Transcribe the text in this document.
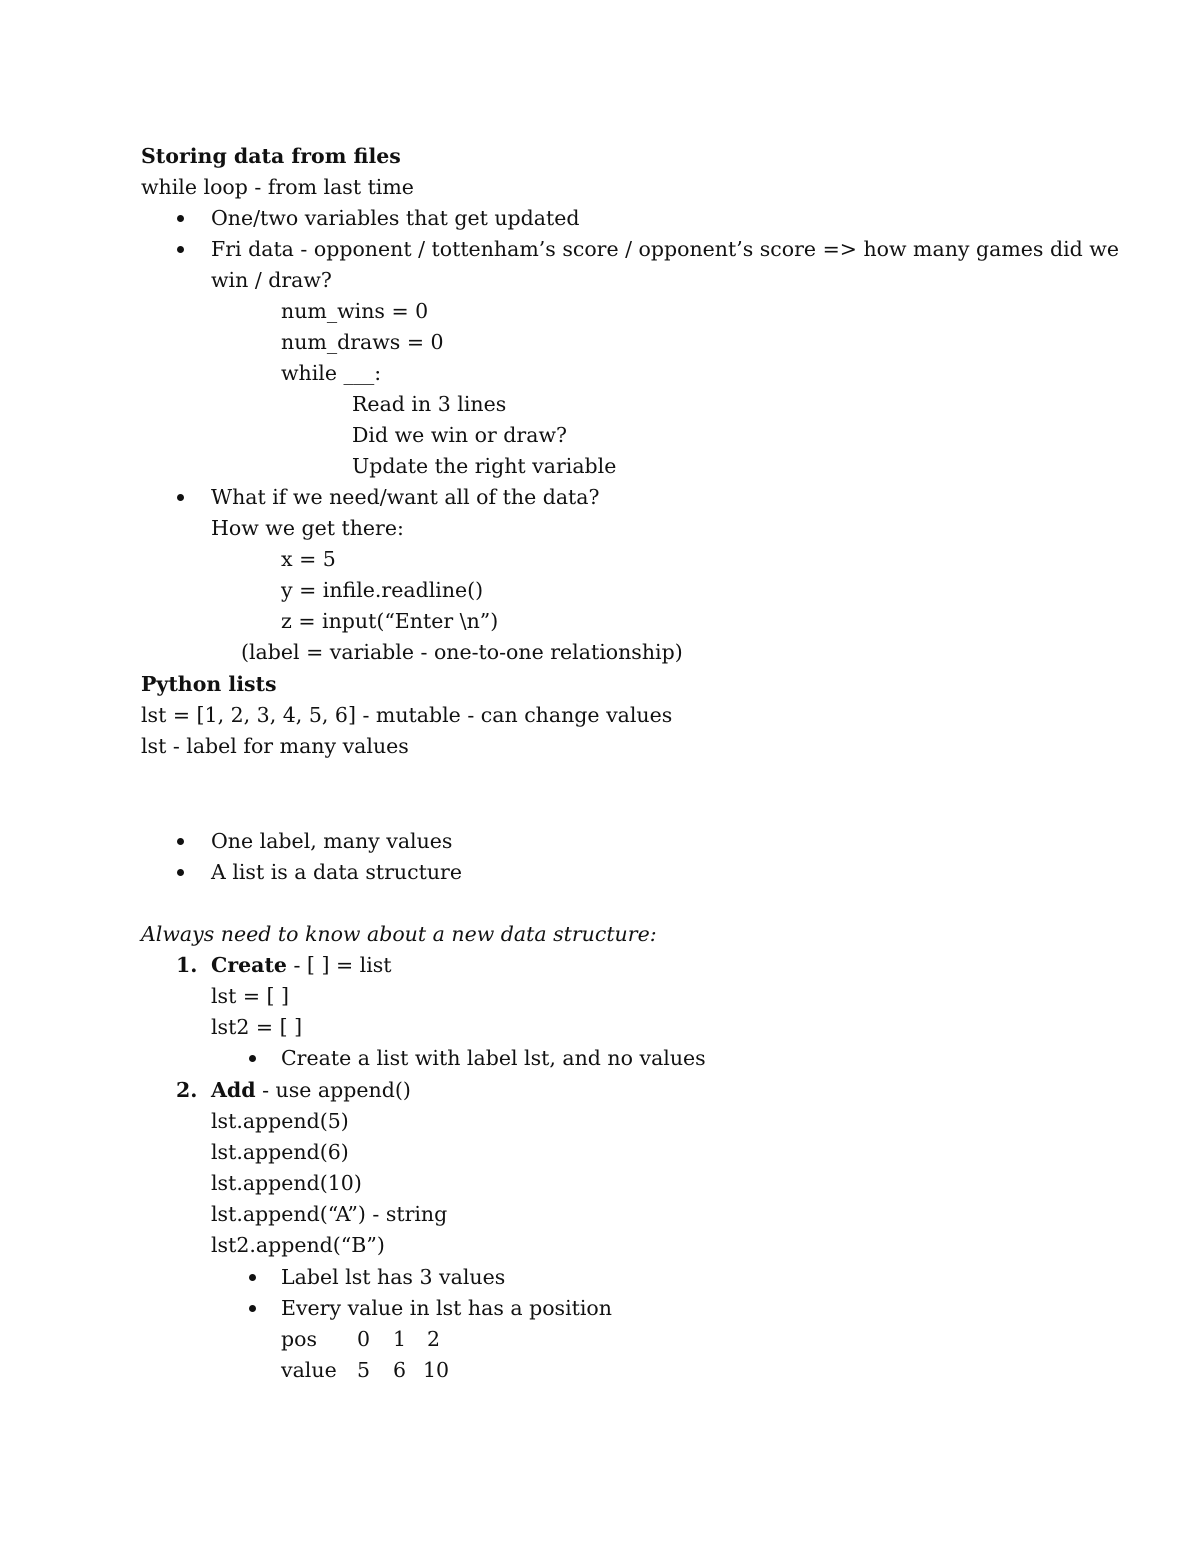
Storing data from files
while loop - from last time
One/two variables that get updated
Fri data - opponent / tottenham’s score / opponent’s score => how many games did we
win / draw?
num_wins = 0
num_draws = 0
while ___:
Read in 3 lines
Did we win or draw?
Update the right variable
What if we need/want all of the data?
How we get there:
x = 5
y = infile.readline()
z = input(“Enter \n”)
(label = variable - one-to-one relationship)
Python lists
lst = [1, 2, 3, 4, 5, 6] - mutable - can change values
lst - label for many values
One label, many values
A list is a data structure
Always need to know about a new data structure:
1. Create - [ ] = list
lst = [ ]
lst2 = [ ]
Create a list with label lst, and no values
2. Add - use append()
lst.append(5)
lst.append(6)
lst.append(10)
lst.append(“A”) - string
lst2.append(“B”)
Label lst has 3 values
Every value in lst has a position
pos 0 1 2
value 5 6 10
